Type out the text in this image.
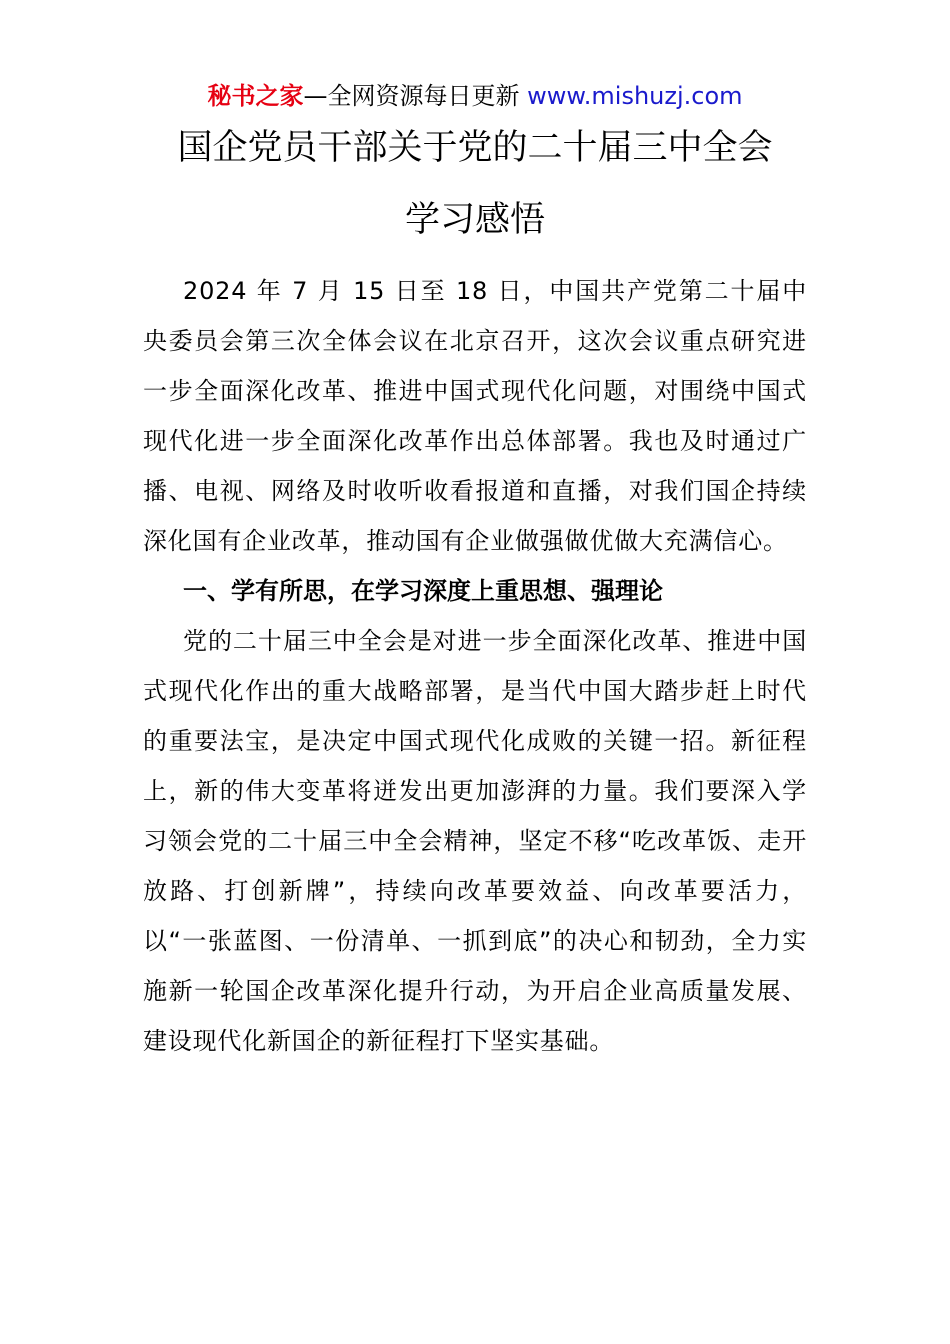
秘书之家—全网资源每日更新 www.mishuzj.com
国企党员干部关于党的二十届三中全会
学习感悟

2024 年 7 月 15 日至 18 日，中国共产党第二十届中央委员会第三次全体会议在北京召开，这次会议重点研究进一步全面深化改革、推进中国式现代化问题，对围绕中国式现代化进一步全面深化改革作出总体部署。我也及时通过广播、电视、网络及时收听收看报道和直播，对我们国企持续深化国有企业改革，推动国有企业做强做优做大充满信心。

一、学有所思，在学习深度上重思想、强理论

党的二十届三中全会是对进一步全面深化改革、推进中国式现代化作出的重大战略部署，是当代中国大踏步赶上时代的重要法宝，是决定中国式现代化成败的关键一招。新征程上，新的伟大变革将迸发出更加澎湃的力量。我们要深入学习领会党的二十届三中全会精神，坚定不移“吃改革饭、走开放路、打创新牌”，持续向改革要效益、向改革要活力，以“一张蓝图、一份清单、一抓到底”的决心和韧劲，全力实施新一轮国企改革深化提升行动，为开启企业高质量发展、建设现代化新国企的新征程打下坚实基础。
